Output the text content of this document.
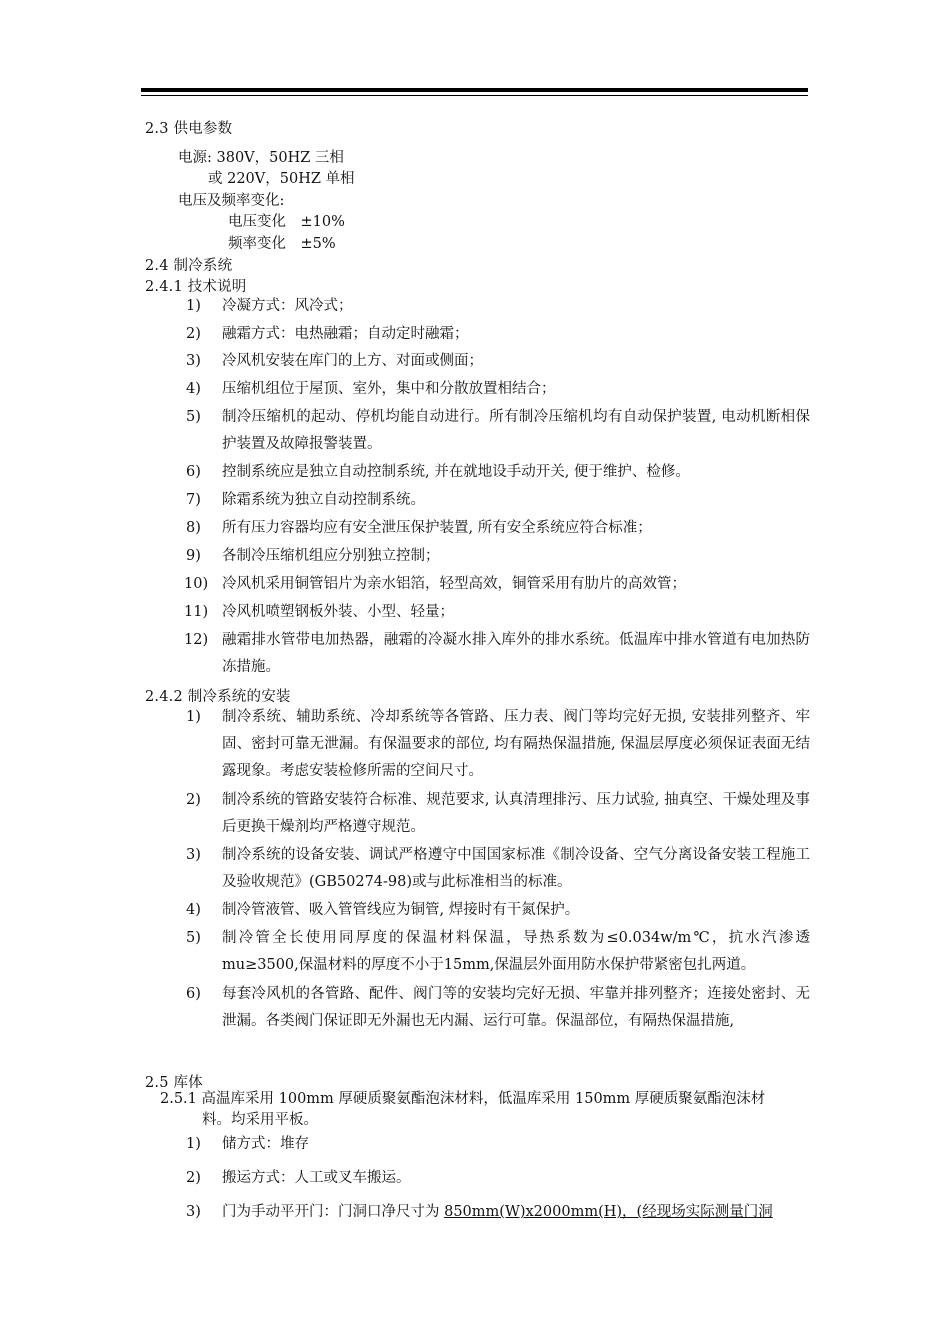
2.3 供电参数
电源: 380V，50HZ 三相
或 220V，50HZ 单相
电压及频率变化:
电压变化　±10%
频率变化　±5%
2.4 制冷系统
2.4.1 技术说明
1) 冷凝方式：风冷式；
2) 融霜方式：电热融霜；自动定时融霜；
3) 冷风机安装在库门的上方、对面或侧面；
4) 压缩机组位于屋顶、室外，集中和分散放置相结合；
5) 制冷压缩机的起动、停机均能自动进行。所有制冷压缩机均有自动保护装置, 电动机断相保护装置及故障报警装置。
6) 控制系统应是独立自动控制系统, 并在就地设手动开关, 便于维护、检修。
7) 除霜系统为独立自动控制系统。
8) 所有压力容器均应有安全泄压保护装置, 所有安全系统应符合标准；
9) 各制冷压缩机组应分别独立控制；
10) 冷风机采用铜管铝片为亲水铝箔，轻型高效，铜管采用有肋片的高效管；
11) 冷风机喷塑钢板外装、小型、轻量；
12) 融霜排水管带电加热器，融霜的冷凝水排入库外的排水系统。低温库中排水管道有电加热防冻措施。
2.4.2 制冷系统的安装
1) 制冷系统、辅助系统、冷却系统等各管路、压力表、阀门等均完好无损, 安装排列整齐、牢固、密封可靠无泄漏。有保温要求的部位, 均有隔热保温措施, 保温层厚度必须保证表面无结露现象。考虑安装检修所需的空间尺寸。
2) 制冷系统的管路安装符合标准、规范要求, 认真清理排污、压力试验, 抽真空、干燥处理及事后更换干燥剂均严格遵守规范。
3) 制冷系统的设备安装、调试严格遵守中国国家标准《制冷设备、空气分离设备安装工程施工及验收规范》(GB50274-98)或与此标准相当的标准。
4) 制冷管液管、吸入管管线应为铜管, 焊接时有干氮保护。
5) 制冷管全长使用同厚度的保温材料保温，导热系数为≤0.034w/m℃，抗水汽渗透mu≥3500,保温材料的厚度不小于15mm,保温层外面用防水保护带紧密包扎两道。
6) 每套冷风机的各管路、配件、阀门等的安装均完好无损、牢靠并排列整齐；连接处密封、无泄漏。各类阀门保证即无外漏也无内漏、运行可靠。保温部位，有隔热保温措施,
2.5 库体
2.5.1 高温库采用 100mm 厚硬质聚氨酯泡沫材料，低温库采用 150mm 厚硬质聚氨酯泡沫材
料。均采用平板。
1) 储方式：堆存
2) 搬运方式：人工或叉车搬运。
3) 门为手动平开门：门洞口净尺寸为 850mm(W)x2000mm(H)，(经现场实际测量门洞
